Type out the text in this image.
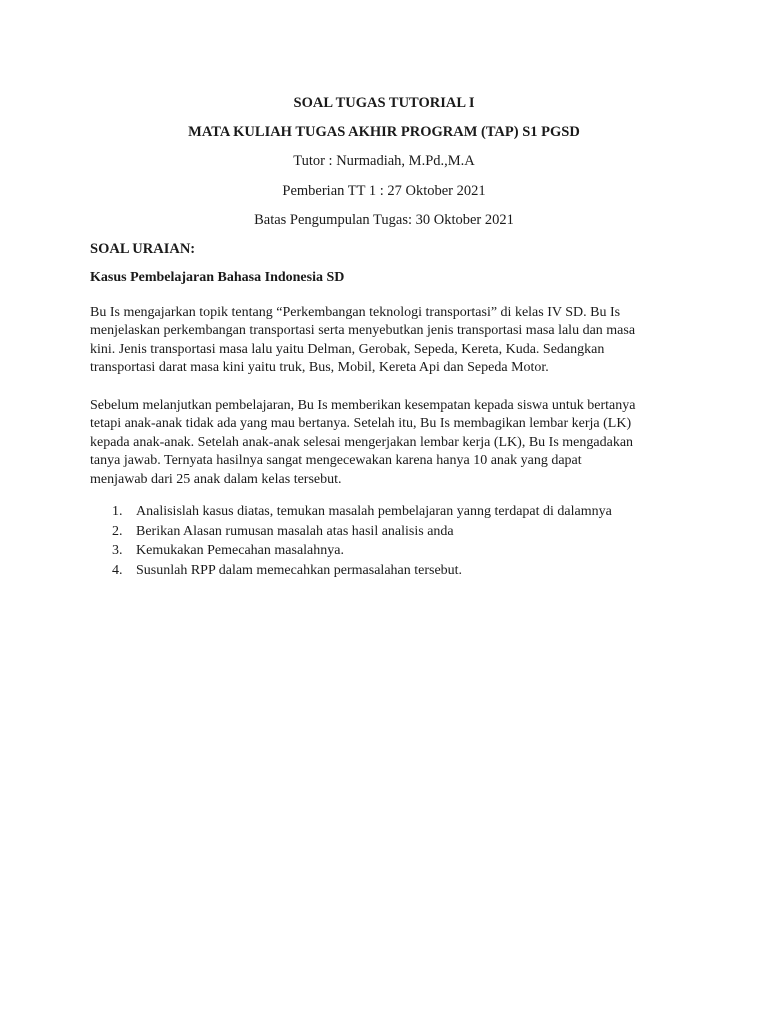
SOAL TUGAS TUTORIAL I
MATA KULIAH TUGAS AKHIR PROGRAM (TAP) S1 PGSD
Tutor : Nurmadiah, M.Pd.,M.A
Pemberian TT 1 : 27 Oktober 2021
Batas Pengumpulan Tugas: 30 Oktober 2021
SOAL URAIAN:
Kasus Pembelajaran Bahasa Indonesia SD
Bu Is mengajarkan topik tentang “Perkembangan teknologi transportasi” di kelas IV SD. Bu Is
menjelaskan perkembangan transportasi serta menyebutkan jenis transportasi masa lalu dan masa
kini. Jenis transportasi masa lalu yaitu Delman, Gerobak, Sepeda, Kereta, Kuda. Sedangkan
transportasi darat masa kini yaitu truk, Bus, Mobil, Kereta Api dan Sepeda Motor.
Sebelum melanjutkan pembelajaran, Bu Is memberikan kesempatan kepada siswa untuk bertanya
tetapi anak-anak tidak ada yang mau bertanya. Setelah itu, Bu Is membagikan lembar kerja (LK)
kepada anak-anak. Setelah anak-anak selesai mengerjakan lembar kerja (LK), Bu Is mengadakan
tanya jawab. Ternyata hasilnya sangat mengecewakan karena hanya 10 anak yang dapat
menjawab dari 25 anak dalam kelas tersebut.
1. Analisislah kasus diatas, temukan masalah pembelajaran yanng terdapat di dalamnya
2. Berikan Alasan rumusan masalah atas hasil analisis anda
3. Kemukakan Pemecahan masalahnya.
4. Susunlah RPP dalam memecahkan permasalahan tersebut.
